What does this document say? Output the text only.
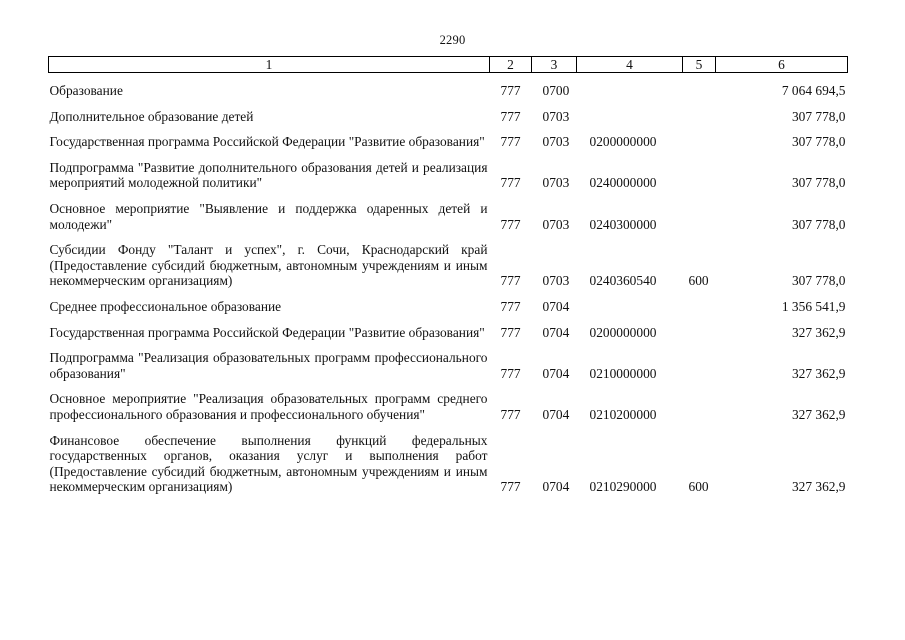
2290
1	2	3	4	5	6
Образование	777	0700			7 064 694,5
Дополнительное образование детей	777	0703			307 778,0
Государственная программа Российской Федерации "Развитие образования"	777	0703	0200000000		307 778,0
Подпрограмма "Развитие дополнительного образования детей и реализация мероприятий молодежной политики"	777	0703	0240000000		307 778,0
Основное мероприятие "Выявление и поддержка одаренных детей и молодежи"	777	0703	0240300000		307 778,0
Субсидии Фонду "Талант и успех", г. Сочи, Краснодарский край (Предоставление субсидий бюджетным, автономным учреждениям и иным некоммерческим организациям)	777	0703	0240360540	600	307 778,0
Среднее профессиональное образование	777	0704			1 356 541,9
Государственная программа Российской Федерации "Развитие образования"	777	0704	0200000000		327 362,9
Подпрограмма "Реализация образовательных программ профессионального образования"	777	0704	0210000000		327 362,9
Основное мероприятие "Реализация образовательных программ среднего профессионального образования и профессионального обучения"	777	0704	0210200000		327 362,9
Финансовое обеспечение выполнения функций федеральных государственных органов, оказания услуг и выполнения работ (Предоставление субсидий бюджетным, автономным учреждениям и иным некоммерческим организациям)	777	0704	0210290000	600	327 362,9
